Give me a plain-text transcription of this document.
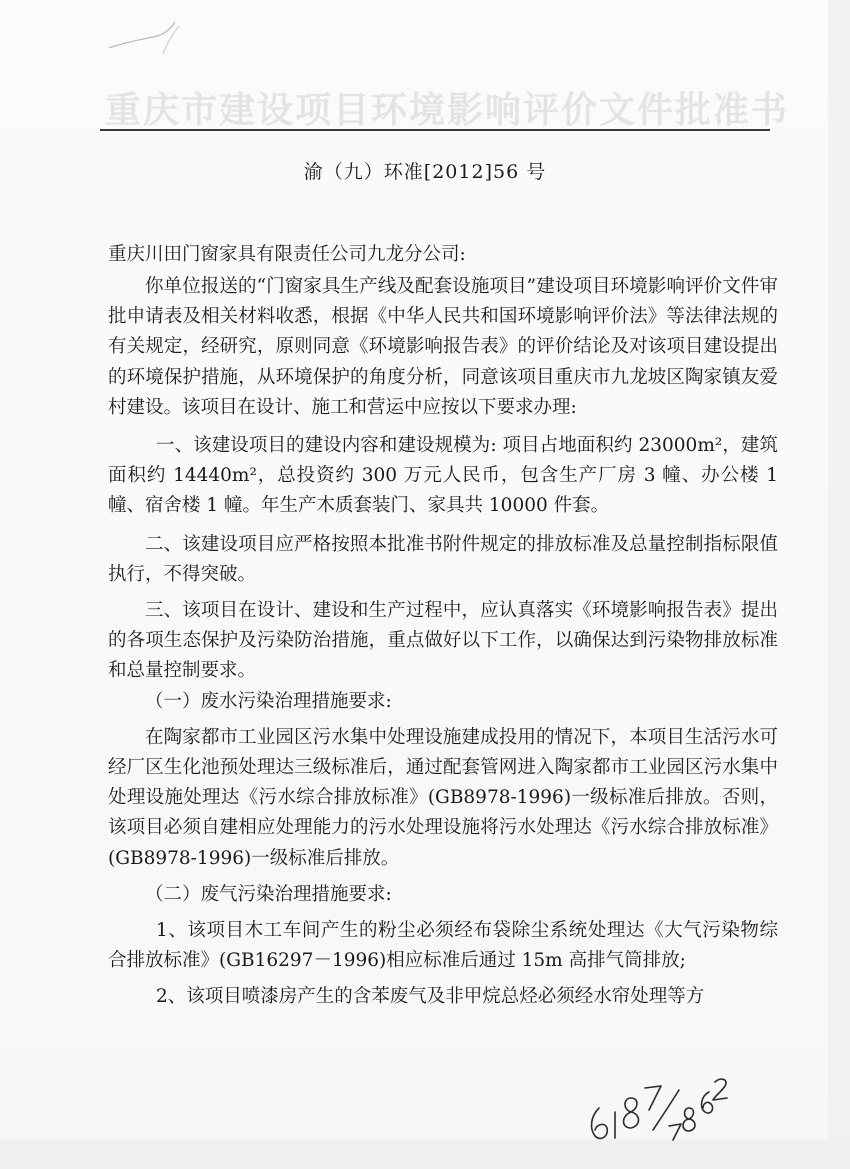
重庆市建设项目环境影响评价文件批准书
渝（九）环准[2012]56 号
重庆川田门窗家具有限责任公司九龙分公司:

你单位报送的“门窗家具生产线及配套设施项目”建设项目环境影响评价文件审批申请表及相关材料收悉，根据《中华人民共和国环境影响评价法》等法律法规的有关规定，经研究，原则同意《环境影响报告表》的评价结论及对该项目建设提出的环境保护措施，从环境保护的角度分析，同意该项目重庆市九龙坡区陶家镇友爱村建设。该项目在设计、施工和营运中应按以下要求办理:

一、该建设项目的建设内容和建设规模为: 项目占地面积约 23000m²，建筑面积约 14440m²，总投资约 300 万元人民币，包含生产厂房 3 幢、办公楼 1 幢、宿舍楼 1 幢。年生产木质套装门、家具共 10000 件套。

二、该建设项目应严格按照本批准书附件规定的排放标准及总量控制指标限值执行，不得突破。

三、该项目在设计、建设和生产过程中，应认真落实《环境影响报告表》提出的各项生态保护及污染防治措施，重点做好以下工作，以确保达到污染物排放标准和总量控制要求。

（一）废水污染治理措施要求:

在陶家都市工业园区污水集中处理设施建成投用的情况下，本项目生活污水可经厂区生化池预处理达三级标准后，通过配套管网进入陶家都市工业园区污水集中处理设施处理达《污水综合排放标准》(GB8978-1996)一级标准后排放。否则，该项目必须自建相应处理能力的污水处理设施将污水处理达《污水综合排放标准》(GB8978-1996)一级标准后排放。

（二）废气污染治理措施要求:

1、该项目木工车间产生的粉尘必须经布袋除尘系统处理达《大气污染物综合排放标准》(GB16297－1996)相应标准后通过 15m 高排气筒排放;

2、该项目喷漆房产生的含苯废气及非甲烷总烃必须经水帘处理等方
